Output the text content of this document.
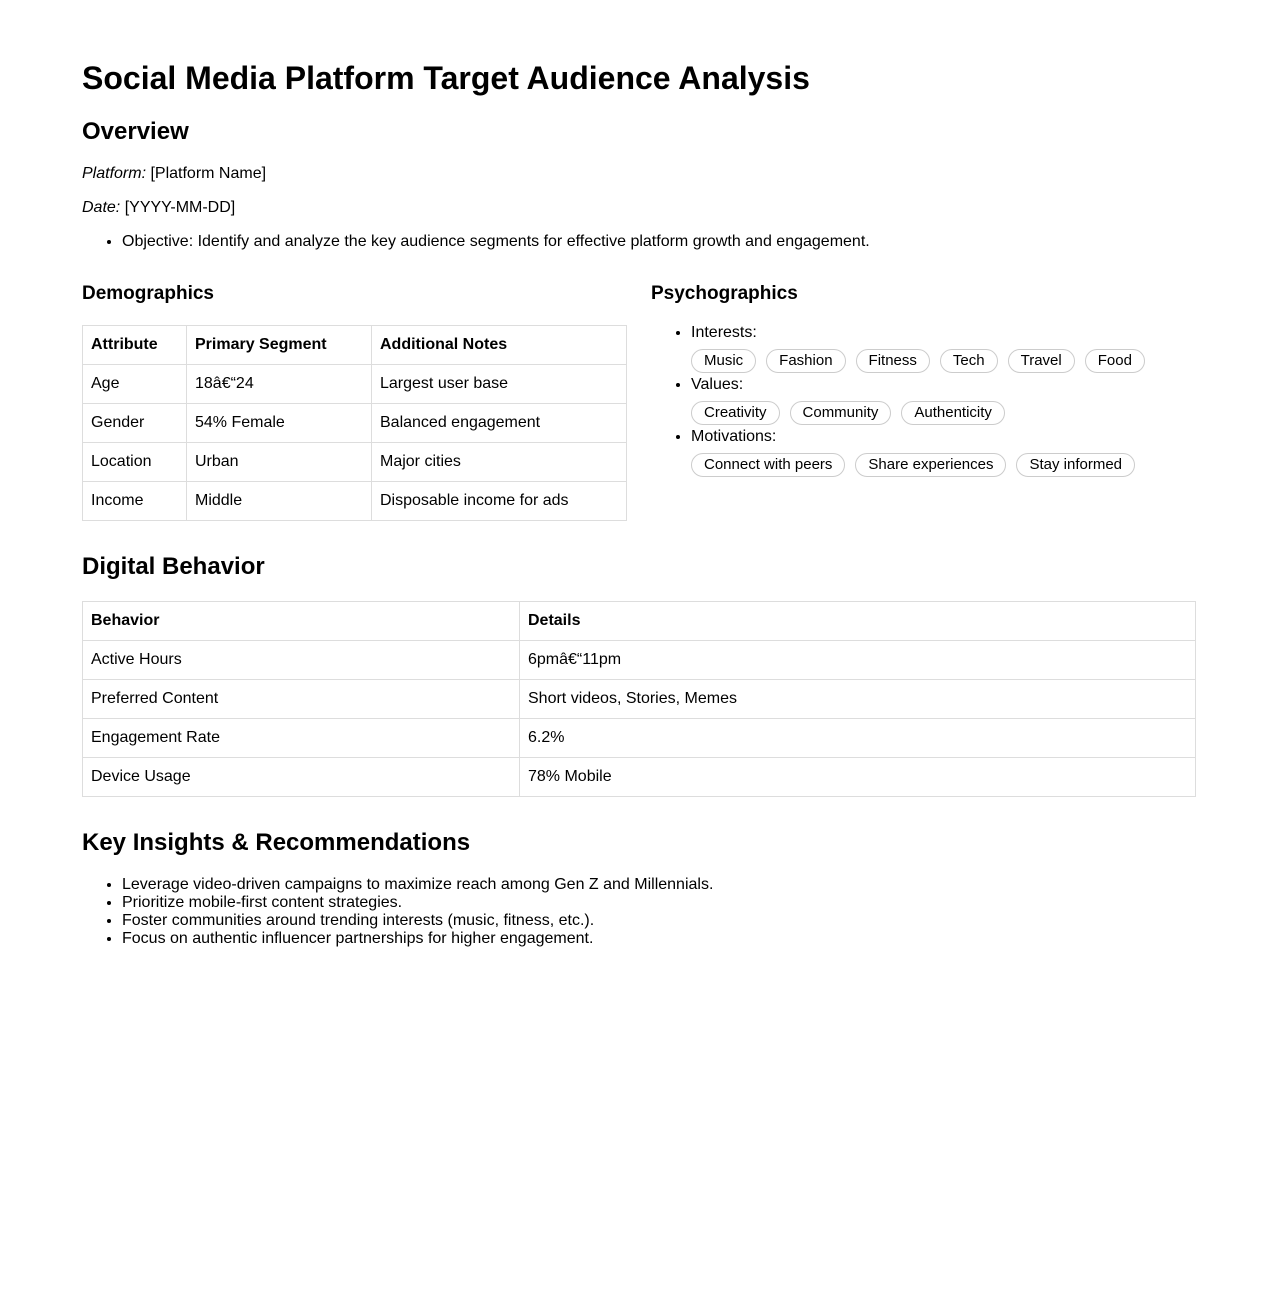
Social Media Platform Target Audience Analysis
Overview

Platform: [Platform Name]

Date: [YYYY-MM-DD]

• Objective: Identify and analyze the key audience segments for effective platform growth and engagement.
Demographics
Attribute	Primary Segment	Additional Notes
Age	18â€“24	Largest user base
Gender	54% Female	Balanced engagement
Location	Urban	Major cities
Income	Middle	Disposable income for ads
Psychographics
• Interests:
Music	Fashion	Fitness	Tech	Travel	Food
• Values:
Creativity	Community	Authenticity
• Motivations:
Connect with peers	Share experiences	Stay informed
Digital Behavior
Behavior	Details
Active Hours	6pmâ€“11pm
Preferred Content	Short videos, Stories, Memes
Engagement Rate	6.2%
Device Usage	78% Mobile
Key Insights & Recommendations
• Leverage video-driven campaigns to maximize reach among Gen Z and Millennials.
• Prioritize mobile-first content strategies.
• Foster communities around trending interests (music, fitness, etc.).
• Focus on authentic influencer partnerships for higher engagement.
